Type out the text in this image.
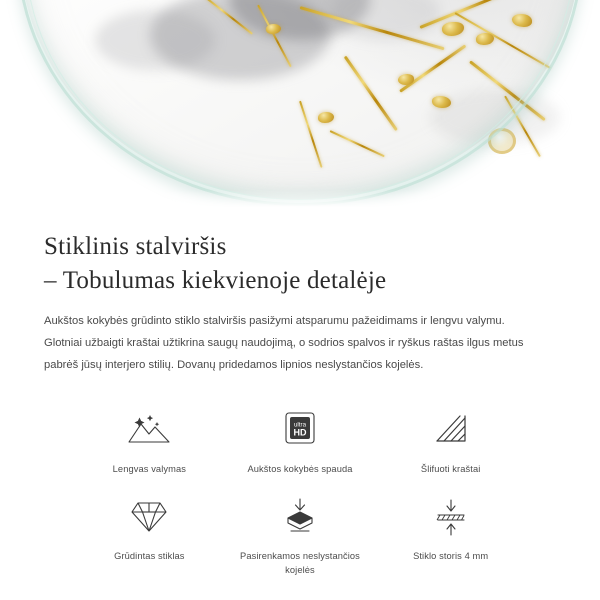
Stiklinis stalviršis
– Tobulumas kiekvienoje detalėje

Aukštos kokybės grūdinto stiklo stalviršis pasižymi atsparumu pažeidimams ir lengvu valymu.
Glotniai užbaigti kraštai užtikrina saugų naudojimą, o sodrios spalvos ir ryškus raštas ilgus metus
pabrėš jūsų interjero stilių. Dovanų pridedamos lipnios neslystančios kojelės.

Lengvas valymas
ultra
HD
Aukštos kokybės spauda	Šlifuoti kraštai
Grūdintas stiklas	Pasirenkamos neslystančios kojelės
Stiklo storis 4 mm
